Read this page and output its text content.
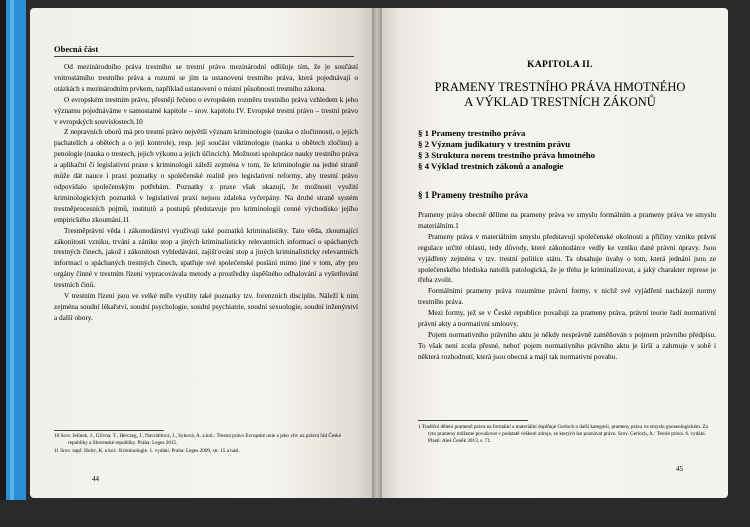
Obecná část

Od mezinárodního práva trestního se trestní právo mezinárodní odlišuje tím, že je součástí vnitrostátního trestního práva a rozumí se jím ta ustanovení trestního práva, která pojednávají o otázkách s mezinárodním prvkem, například ustanovení o místní působnosti trestního zákona.

O evropském trestním právu, přesněji řečeno o evropském rozměru trestního práva vzhledem k jeho významu pojednáváme v samostatné kapitole – srov. kapitolu IV. Evropské trestní právo – trestní právo v evropských souvislostech.10

Z nepravních oborů má pro trestní právo největší význam kriminologie (nauka o zločinnosti, o jejích pachatelích a obětech a o její kontrole), resp. její součást viktimologie (nauka o obětech zločinu) a penologie (nauka o trestech, jejich výkonu a jejich účincích). Možnosti spolupráce nauky trestního práva a aplikační či legislativní praxe s kriminologií záleží zejména v tom, že kriminologie na jedné straně může dát nauce i praxi poznatky o společenské realitě pro legislativní reformy, aby trestní právo odpovídalo společenským potřebám. Poznatky z praxe však ukazují, že možnosti využití kriminologických poznatků v legislativní praxi nejsou zdaleka vyčerpány. Na druhé straně systém trestněprocesních pojmů, institutů a postupů představuje pro kriminologii cenné východisko jejího empirického zkoumání.11

Trestněprávní věda i zákonodárství využívají také poznatků kriminalistiky. Tato věda, zkoumající zákonitosti vzniku, trvání a zániku stop a jiných kriminalisticky relevantních informací o spáchaných trestných činech, jakož i zákonitosti vyhledávání, zajišťování stop a jiných kriminalisticky relevantních informací o spáchaných trestných činech, spatřuje své společenské poslání mimo jiné v tom, aby pro orgány činné v trestním řízení vypracovávala metody a prostředky úspěšného odhalování a vyšetřování trestních činů.

V trestním řízení jsou ve velké míře využity také poznatky tzv. forenzních disciplín. Náleží k nim zejména soudní lékařství, soudní psychologie, soudní psychiatrie, soudní sexuologie, soudní inženýrství a další obory.

10 Srov. Jelínek, J., Gřivna, T., Herczeg, J., Navrátilová, J., Syková, A. a kol.: Trestní právo Evropské unie a jeho vliv na právní řád České republiky a Slovenské republiky. Praha: Leges 2015.
11 Srov. např. Holcr, K. a kol.: Kriminologie. 1. vydání. Praha: Leges 2009, str. 15 a násl.
44
KAPITOLA II.
PRAMENY TRESTNÍHO PRÁVA HMOTNÉHO
A VÝKLAD TRESTNÍCH ZÁKONŮ
§ 1 Prameny trestního práva
§ 2 Význam judikatury v trestním právu
§ 3 Struktura norem trestního práva hmotného
§ 4 Výklad trestních zákonů a analogie
§ 1 Prameny trestního práva

Prameny práva obecně dělíme na prameny práva ve smyslu formálním a prameny práva ve smyslu materiálním.1

Prameny práva v materiálním smyslu představují společenské okolnosti a příčiny vzniku právní regulace určité oblasti, tedy důvody, které zákonodárce vedly ke vzniku dané právní úpravy. Jsou vyjádřeny zejména v tzv. trestní politice státu. Ta obsahuje úvahy o tom, která jednání jsou ze společenského hlediska natolik patologická, že je třeba je kriminalizovat, a jaký charakter represe je třeba zvolit.

Formálními prameny práva rozumíme právní formy, v nichž své vyjádření nacházejí normy trestního práva.

Mezi formy, jež se v České republice považují za prameny práva, právní teorie řadí normativní právní akty a normativní smlouvy.

Pojem normativního právního aktu je někdy nesprávně zaměňován s pojmem právního předpisu. To však není zcela přesné, neboť pojem normativního právního aktu je širší a zahrnuje v sobě i některá rozhodnutí, která jsou obecná a mají tak normativní povahu.

1 Tradiční dělení pramenů práva na formální a materiální doplňuje Gerloch o další kategorii, prameny práva ve smyslu gnoseologickém. Za tyto prameny můžeme považovat v podstatě veškeré zdroje, ze kterých lze poznávat právo. Srov. Gerloch, A.: Teorie práva. 6. vydání. Plzeň: Aleš Čeněk 2013, s. 71.
45
